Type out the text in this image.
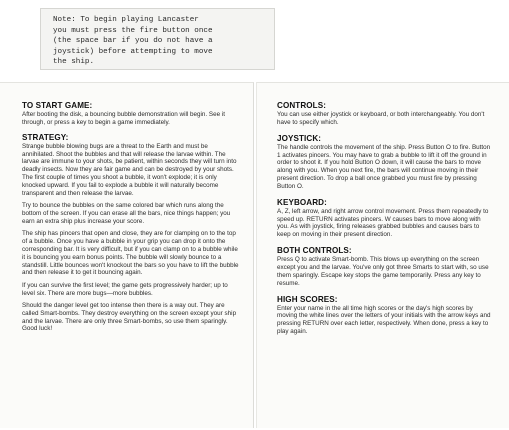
Note: To begin playing Lancaster

you must press the fire button once

(the space bar if you do not have a

joystick) before attempting to move

the ship.

TO START GAME:

After booting the disk, a bouncing bubble demonstration will begin. See it through, or press a key to begin a game immediately.

STRATEGY:

Strange bubble blowing bugs are a threat to the Earth and must be annihilated. Shoot the bubbles and that will release the larvae within. The larvae are immune to your shots, be patient, within seconds they will turn into deadly insects. Now they are fair game and can be destroyed by your shots. The first couple of times you shoot a bubble, it won't explode; it is only knocked upward. If you fail to explode a bubble it will naturally become transparent and then release the larvae.

Try to bounce the bubbles on the same colored bar which runs along the bottom of the screen. If you can erase all the bars, nice things happen; you earn an extra ship plus increase your score.

The ship has pincers that open and close, they are for clamping on to the top of a bubble. Once you have a bubble in your grip you can drop it onto the corresponding bar. It is very difficult, but if you can clamp on to a bubble while it is bouncing you earn bonus points. The bubble will slowly bounce to a standstill. Little bounces won't knockout the bars so you have to lift the bubble and then release it to get it bouncing again.

If you can survive the first level; the game gets progressively harder; up to level six. There are more bugs—more bubbles.

Should the danger level get too intense then there is a way out. They are called Smart-bombs. They destroy everything on the screen except your ship and the larvae. There are only three Smart-bombs, so use them sparingly. Good luck!

CONTROLS:

You can use either joystick or keyboard, or both interchangeably. You don't have to specify which.

JOYSTICK:

The handle controls the movement of the ship. Press Button O to fire. Button 1 activates pincers. You may have to grab a bubble to lift it off the ground in order to shoot it. If you hold Button O down, it will cause the bars to move along with you. When you next fire, the bars will continue moving in their present direction. To drop a ball once grabbed you must fire by pressing Button O.

KEYBOARD:

A, Z, left arrow, and right arrow control movement. Press them repeatedly to speed up. RETURN activates pincers. W causes bars to move along with you. As with joystick, firing releases grabbed bubbles and causes bars to keep on moving in their present direction.

BOTH CONTROLS:

Press Q to activate Smart-bomb. This blows up everything on the screen except you and the larvae. You've only got three Smarts to start with, so use them sparingly. Escape key stops the game temporarily. Press any key to resume.

HIGH SCORES:

Enter your name in the all time high scores or the day's high scores by moving the white lines over the letters of your initials with the arrow keys and pressing RETURN over each letter, respectively. When done, press a key to play again.
